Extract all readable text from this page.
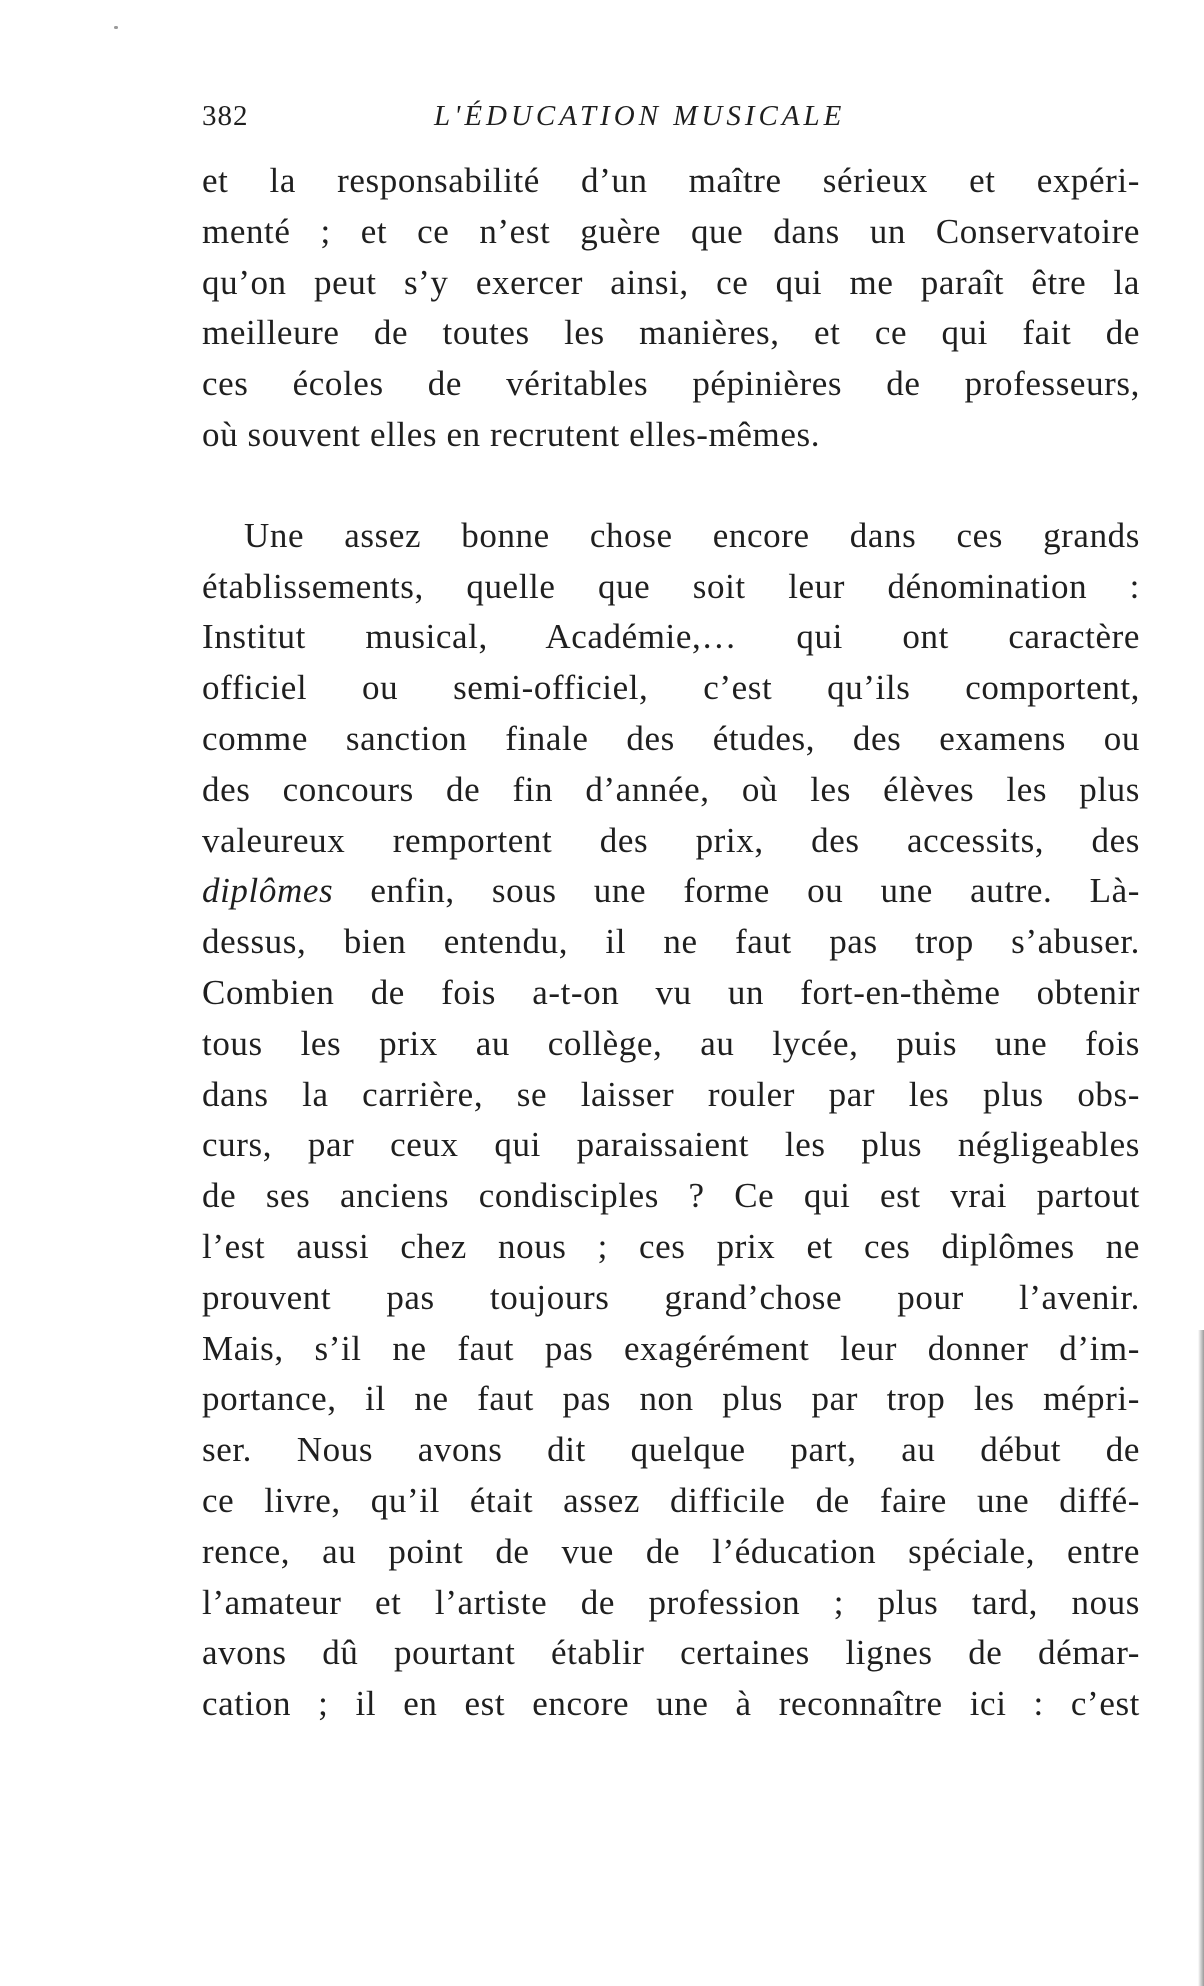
382	L'ÉDUCATION MUSICALE
et la responsabilité d’un maître sérieux et expéri-
menté ; et ce n’est guère que dans un Conservatoire
qu’on peut s’y exercer ainsi, ce qui me paraît être la
meilleure de toutes les manières, et ce qui fait de
ces écoles de véritables pépinières de professeurs,
où souvent elles en recrutent elles-mêmes.
Une assez bonne chose encore dans ces grands
établissements, quelle que soit leur dénomination :
Institut musical, Académie,… qui ont caractère
officiel ou semi-officiel, c’est qu’ils comportent,
comme sanction finale des études, des examens ou
des concours de fin d’année, où les élèves les plus
valeureux remportent des prix, des accessits, des
diplômes enfin, sous une forme ou une autre. Là-
dessus, bien entendu, il ne faut pas trop s’abuser.
Combien de fois a-t-on vu un fort-en-thème obtenir
tous les prix au collège, au lycée, puis une fois
dans la carrière, se laisser rouler par les plus obs-
curs, par ceux qui paraissaient les plus négligeables
de ses anciens condisciples ? Ce qui est vrai partout
l’est aussi chez nous ; ces prix et ces diplômes ne
prouvent pas toujours grand’chose pour l’avenir.
Mais, s’il ne faut pas exagérément leur donner d’im-
portance, il ne faut pas non plus par trop les mépri-
ser. Nous avons dit quelque part, au début de
ce livre, qu’il était assez difficile de faire une diffé-
rence, au point de vue de l’éducation spéciale, entre
l’amateur et l’artiste de profession ; plus tard, nous
avons dû pourtant établir certaines lignes de démar-
cation ; il en est encore une à reconnaître ici : c’est
